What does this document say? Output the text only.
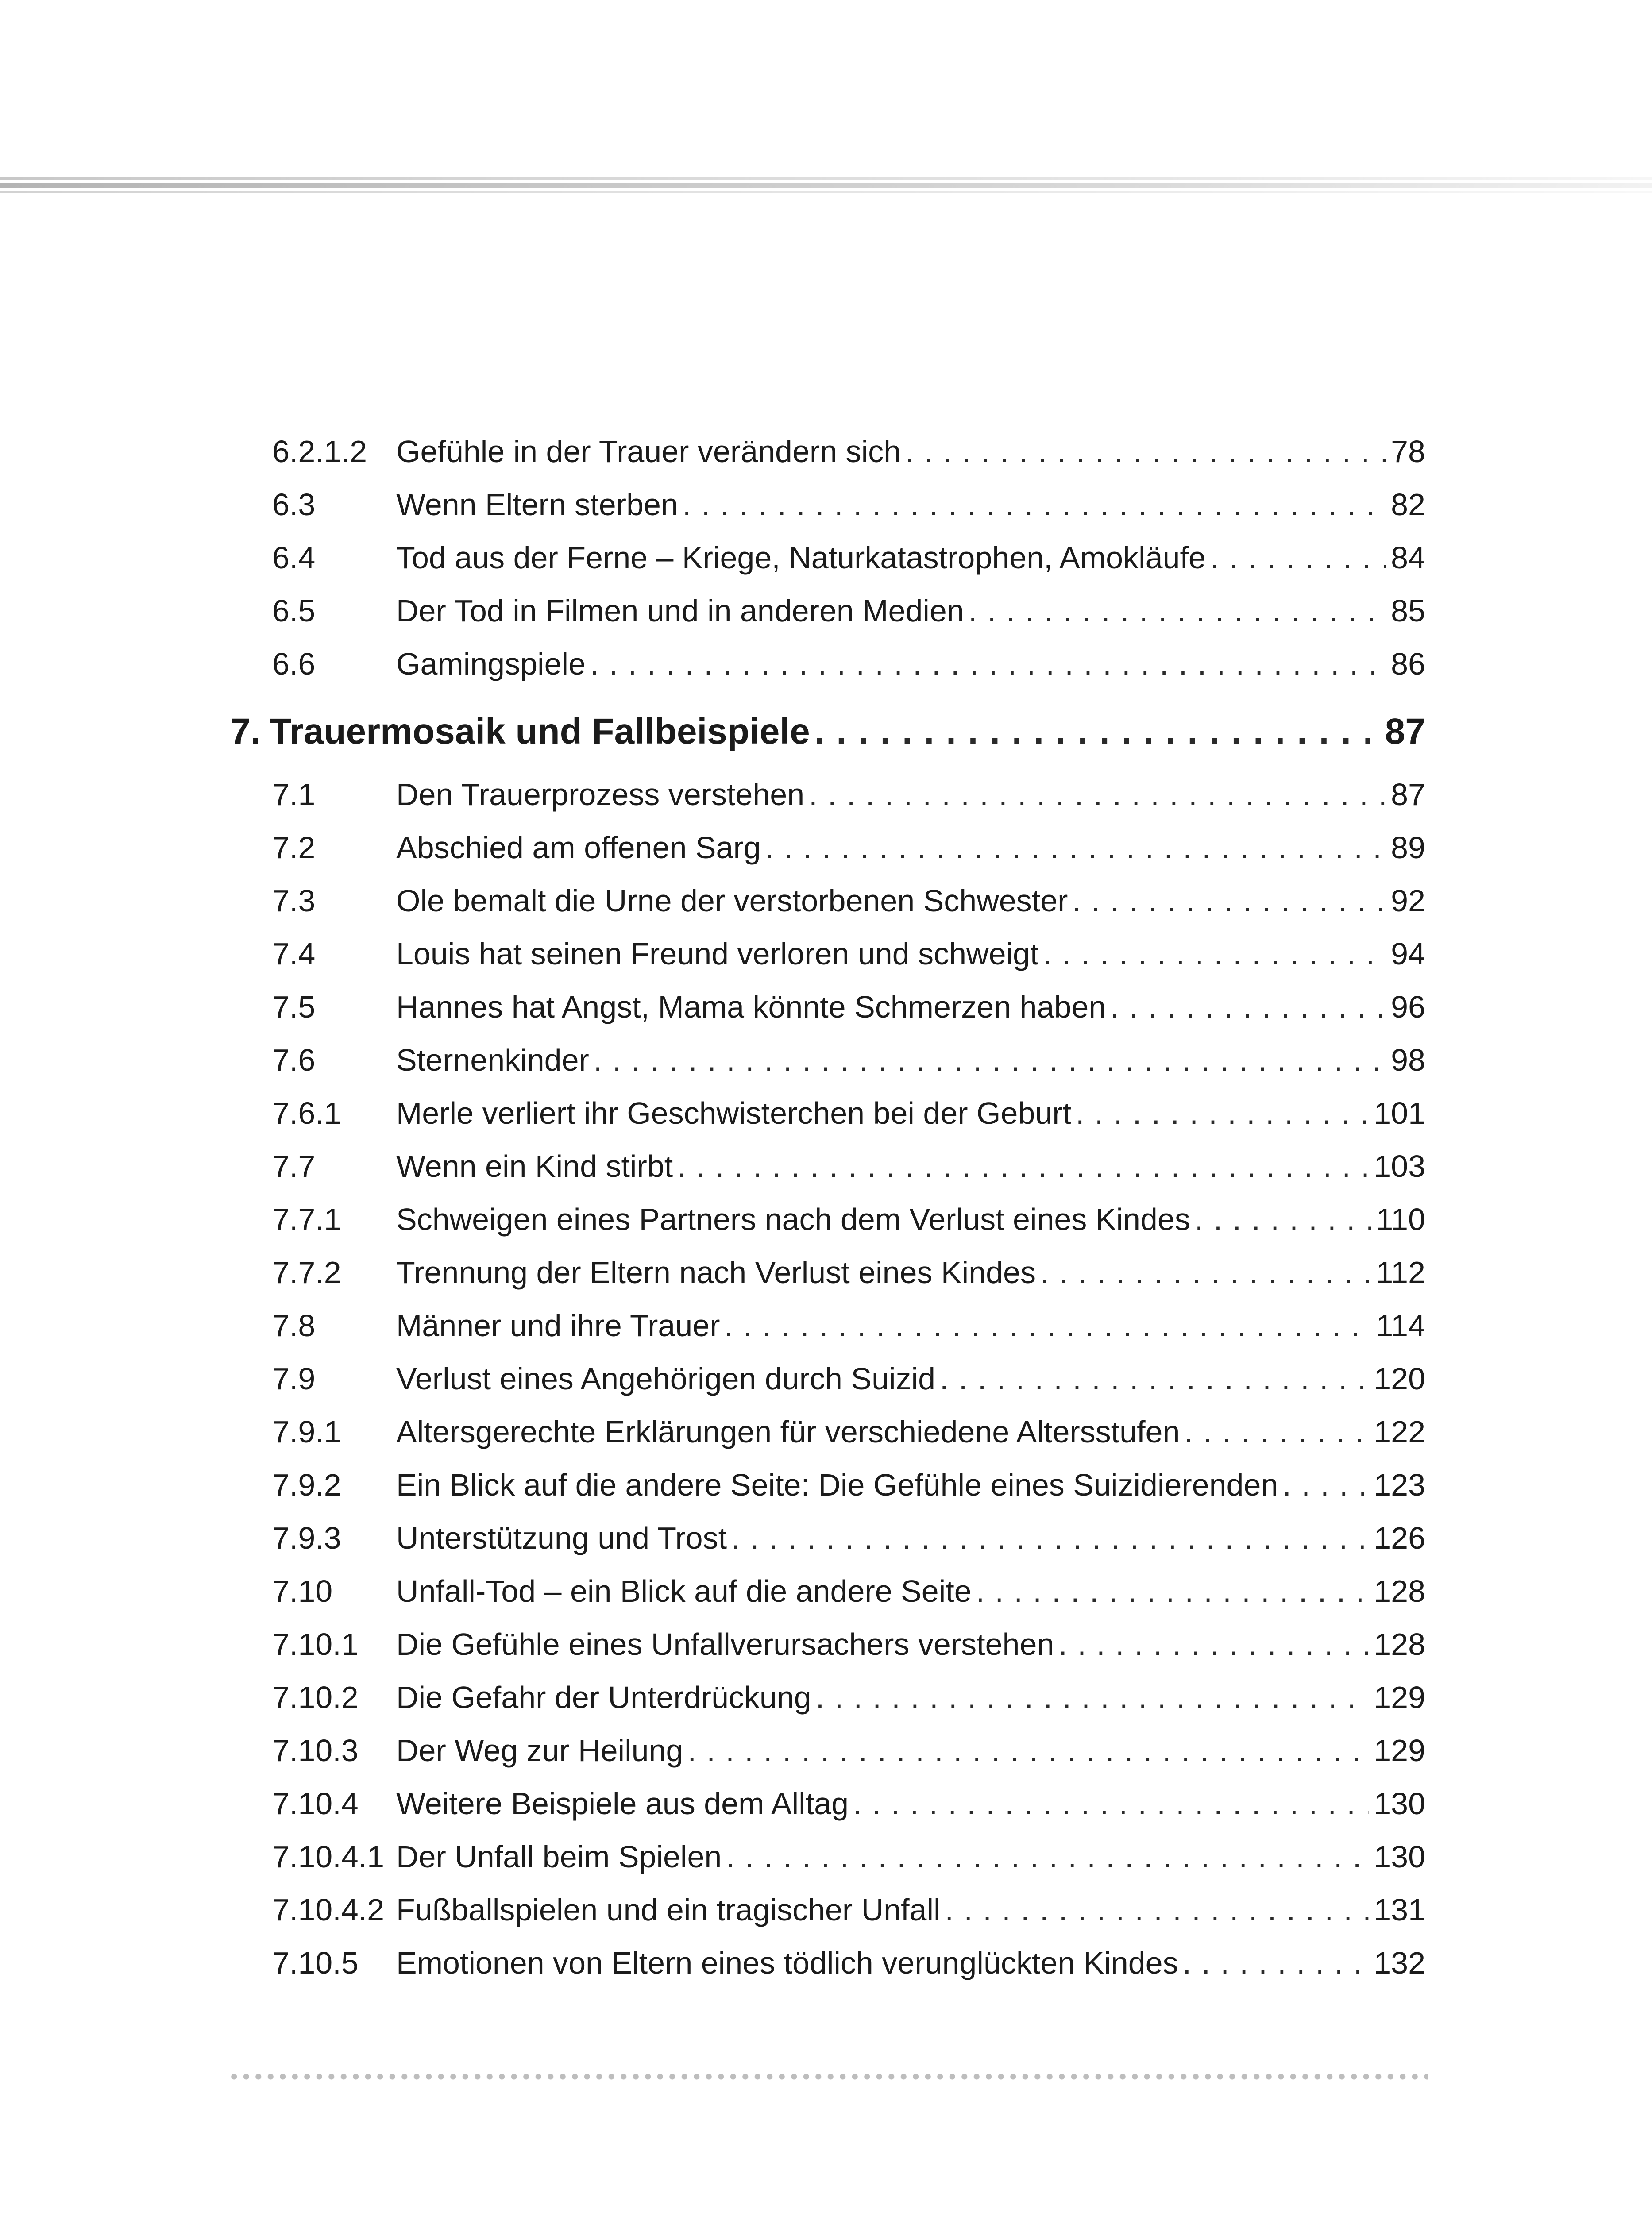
6.2.1.2 Gefühle in der Trauer verändern sich . . .	78
6.3	Wenn Eltern sterben . . .	82
6.4	Tod aus der Ferne – Kriege, Naturkatastrophen, Amokläufe . . .	84
6.5	Der Tod in Filmen und in anderen Medien . . .	85
6.6	Gamingspiele . . .	86
7. Trauermosaik und Fallbeispiele . . .	87
7.1	Den Trauerprozess verstehen . . .	87
7.2	Abschied am offenen Sarg . . .	89
7.3	Ole bemalt die Urne der verstorbenen Schwester . . .	92
7.4	Louis hat seinen Freund verloren und schweigt . . .	94
7.5	Hannes hat Angst, Mama könnte Schmerzen haben . . .	96
7.6	Sternenkinder . . .	98
7.6.1	Merle verliert ihr Geschwisterchen bei der Geburt . . .	101
7.7	Wenn ein Kind stirbt . . .	103
7.7.1	Schweigen eines Partners nach dem Verlust eines Kindes . . .	110
7.7.2	Trennung der Eltern nach Verlust eines Kindes . . .	112
7.8	Männer und ihre Trauer . . .	114
7.9	Verlust eines Angehörigen durch Suizid . . .	120
7.9.1	Altersgerechte Erklärungen für verschiedene Altersstufen . . .	122
7.9.2	Ein Blick auf die andere Seite: Die Gefühle eines Suizidierenden . . .	123
7.9.3	Unterstützung und Trost . . .	126
7.10	Unfall-Tod – ein Blick auf die andere Seite . . .	128
7.10.1	Die Gefühle eines Unfallverursachers verstehen . . .	128
7.10.2	Die Gefahr der Unterdrückung . . .	129
7.10.3	Der Weg zur Heilung . . .	129
7.10.4	Weitere Beispiele aus dem Alltag . . .	130
7.10.4.1 Der Unfall beim Spielen . . .	130
7.10.4.2 Fußballspielen und ein tragischer Unfall . . .	131
7.10.5	Emotionen von Eltern eines tödlich verunglückten Kindes . . .	132
